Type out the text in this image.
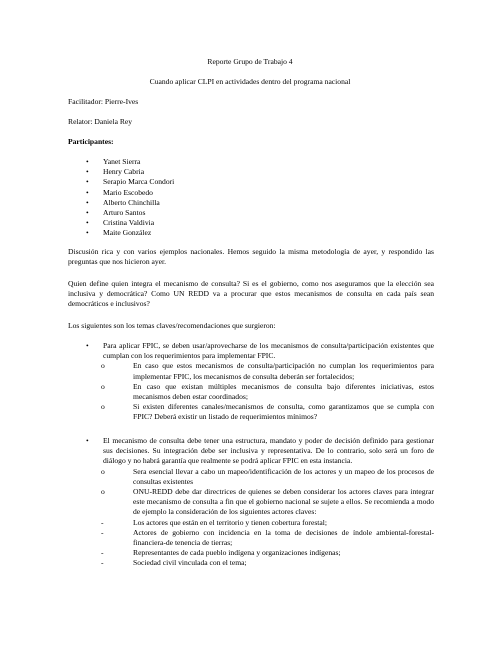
Reporte Grupo de Trabajo 4
Cuando aplicar CLPI en actividades dentro del programa nacional
Facilitador: Pierre-Ives
Relator: Daniela Rey
Participantes:
• Yanet Sierra
• Henry Cabria
• Serapio Marca Condori
• Mario Escobedo
• Alberto Chinchilla
• Arturo Santos
• Cristina Valdivia
• Maite González

Discusión rica y con varios ejemplos nacionales. Hemos seguido la misma metodología de ayer, y respondido las preguntas que nos hicieron ayer.

Quien define quien integra el mecanismo de consulta? Si es el gobierno, como nos aseguramos que la elección sea inclusiva y democrática? Como UN REDD va a procurar que estos mecanismos de consulta en cada país sean democráticos e inclusivos?

Los siguientes son los temas claves/recomendaciones que surgieron:

• Para aplicar FPIC, se deben usar/aprovecharse de los mecanismos de consulta/participación existentes que cumplan con los requerimientos para implementar FPIC.
o	En caso que estos mecanismos de consulta/participación no cumplan los requerimientos para implementar FPIC, los mecanismos de consulta deberán ser fortalecidos;
o	En caso que existan múltiples mecanismos de consulta bajo diferentes iniciativas, estos mecanismos deben estar coordinados;
o	Si existen diferentes canales/mecanismos de consulta, como garantizamos que se cumpla con FPIC? Deberá existir un listado de requerimientos mínimos?
• El mecanismo de consulta debe tener una estructura, mandato y poder de decisión definido para gestionar sus decisiones. Su integración debe ser inclusiva y representativa. De lo contrario, solo será un foro de diálogo y no habrá garantía que realmente se podrá aplicar FPIC en esta instancia.
o	Sera esencial llevar a cabo un mapeo/identificación de los actores y un mapeo de los procesos de consultas existentes
o	ONU-REDD debe dar directrices de quienes se deben considerar los actores claves para integrar este mecanismo de consulta a fin que el gobierno nacional se sujete a ellos. Se recomienda a modo de ejemplo la consideración de los siguientes actores claves:
-	Los actores que están en el territorio y tienen cobertura forestal;
-	Actores de gobierno con incidencia en la toma de decisiones de índole ambiental-forestal-financiera-de tenencia de tierras;
-	Representantes de cada pueblo indígena y organizaciones indígenas;
-	Sociedad civil vinculada con el tema;
